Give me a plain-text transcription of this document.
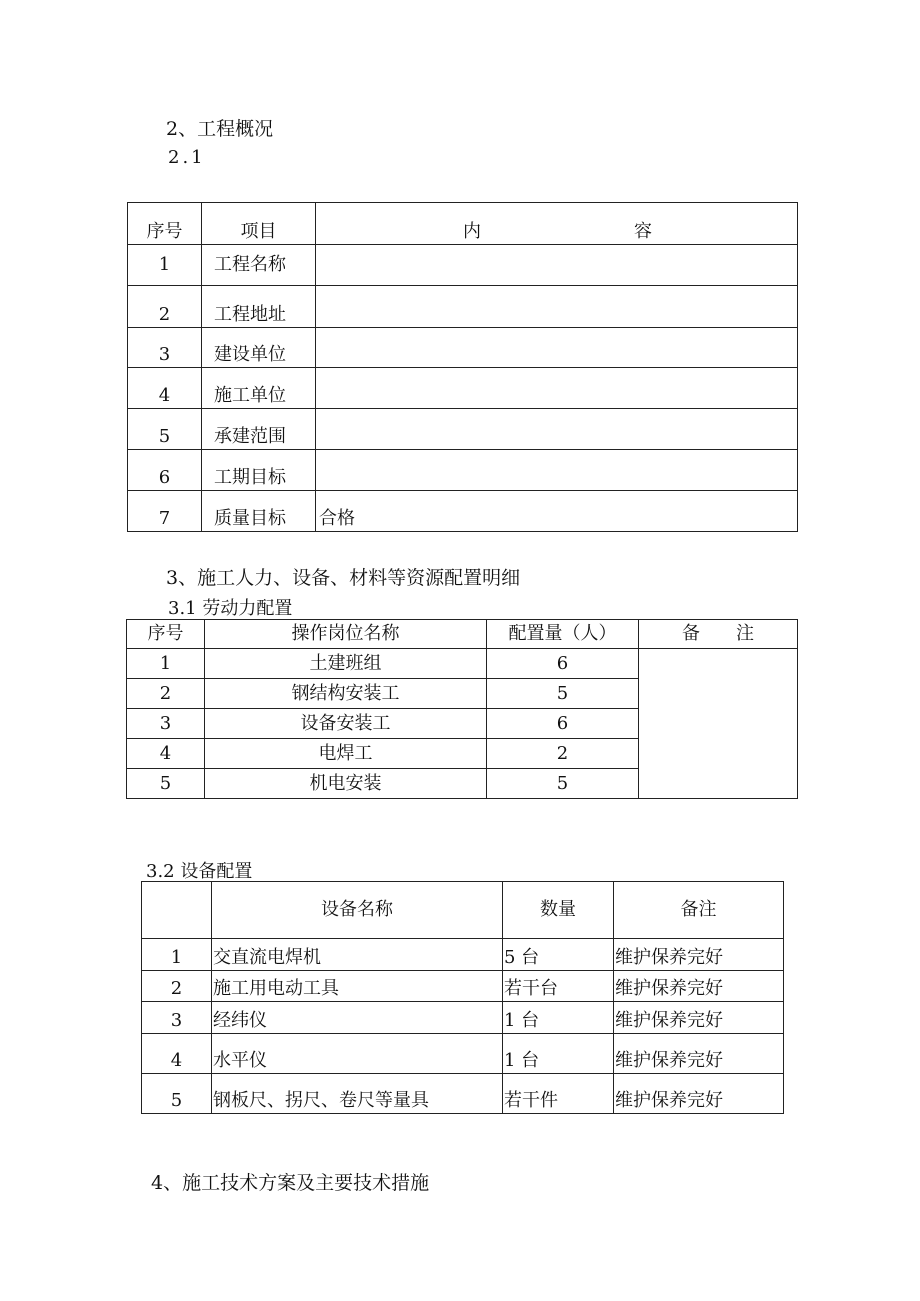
2、工程概况
2.1
序号	项目	内 容

1	工程名称	
2	工程地址	
3	建设单位	
4	施工单位	
5	承建范围	
6	工期目标	
7	质量目标	合格
3、施工人力、设备、材料等资源配置明细
3.1 劳动力配置
序号	操作岗位名称	配置量（人）	备 注
1	土建班组	6	
2	钢结构安装工	5	
3	设备安装工	6	
4	电焊工	2	
5	机电安装	5	
3.2 设备配置
	设备名称	数量	备注
1	交直流电焊机	5 台	维护保养完好
2	施工用电动工具	若干台	维护保养完好
3	经纬仪	1 台	维护保养完好
4	水平仪	1 台	维护保养完好
5	钢板尺、拐尺、卷尺等量具	若干件	维护保养完好
4、施工技术方案及主要技术措施
